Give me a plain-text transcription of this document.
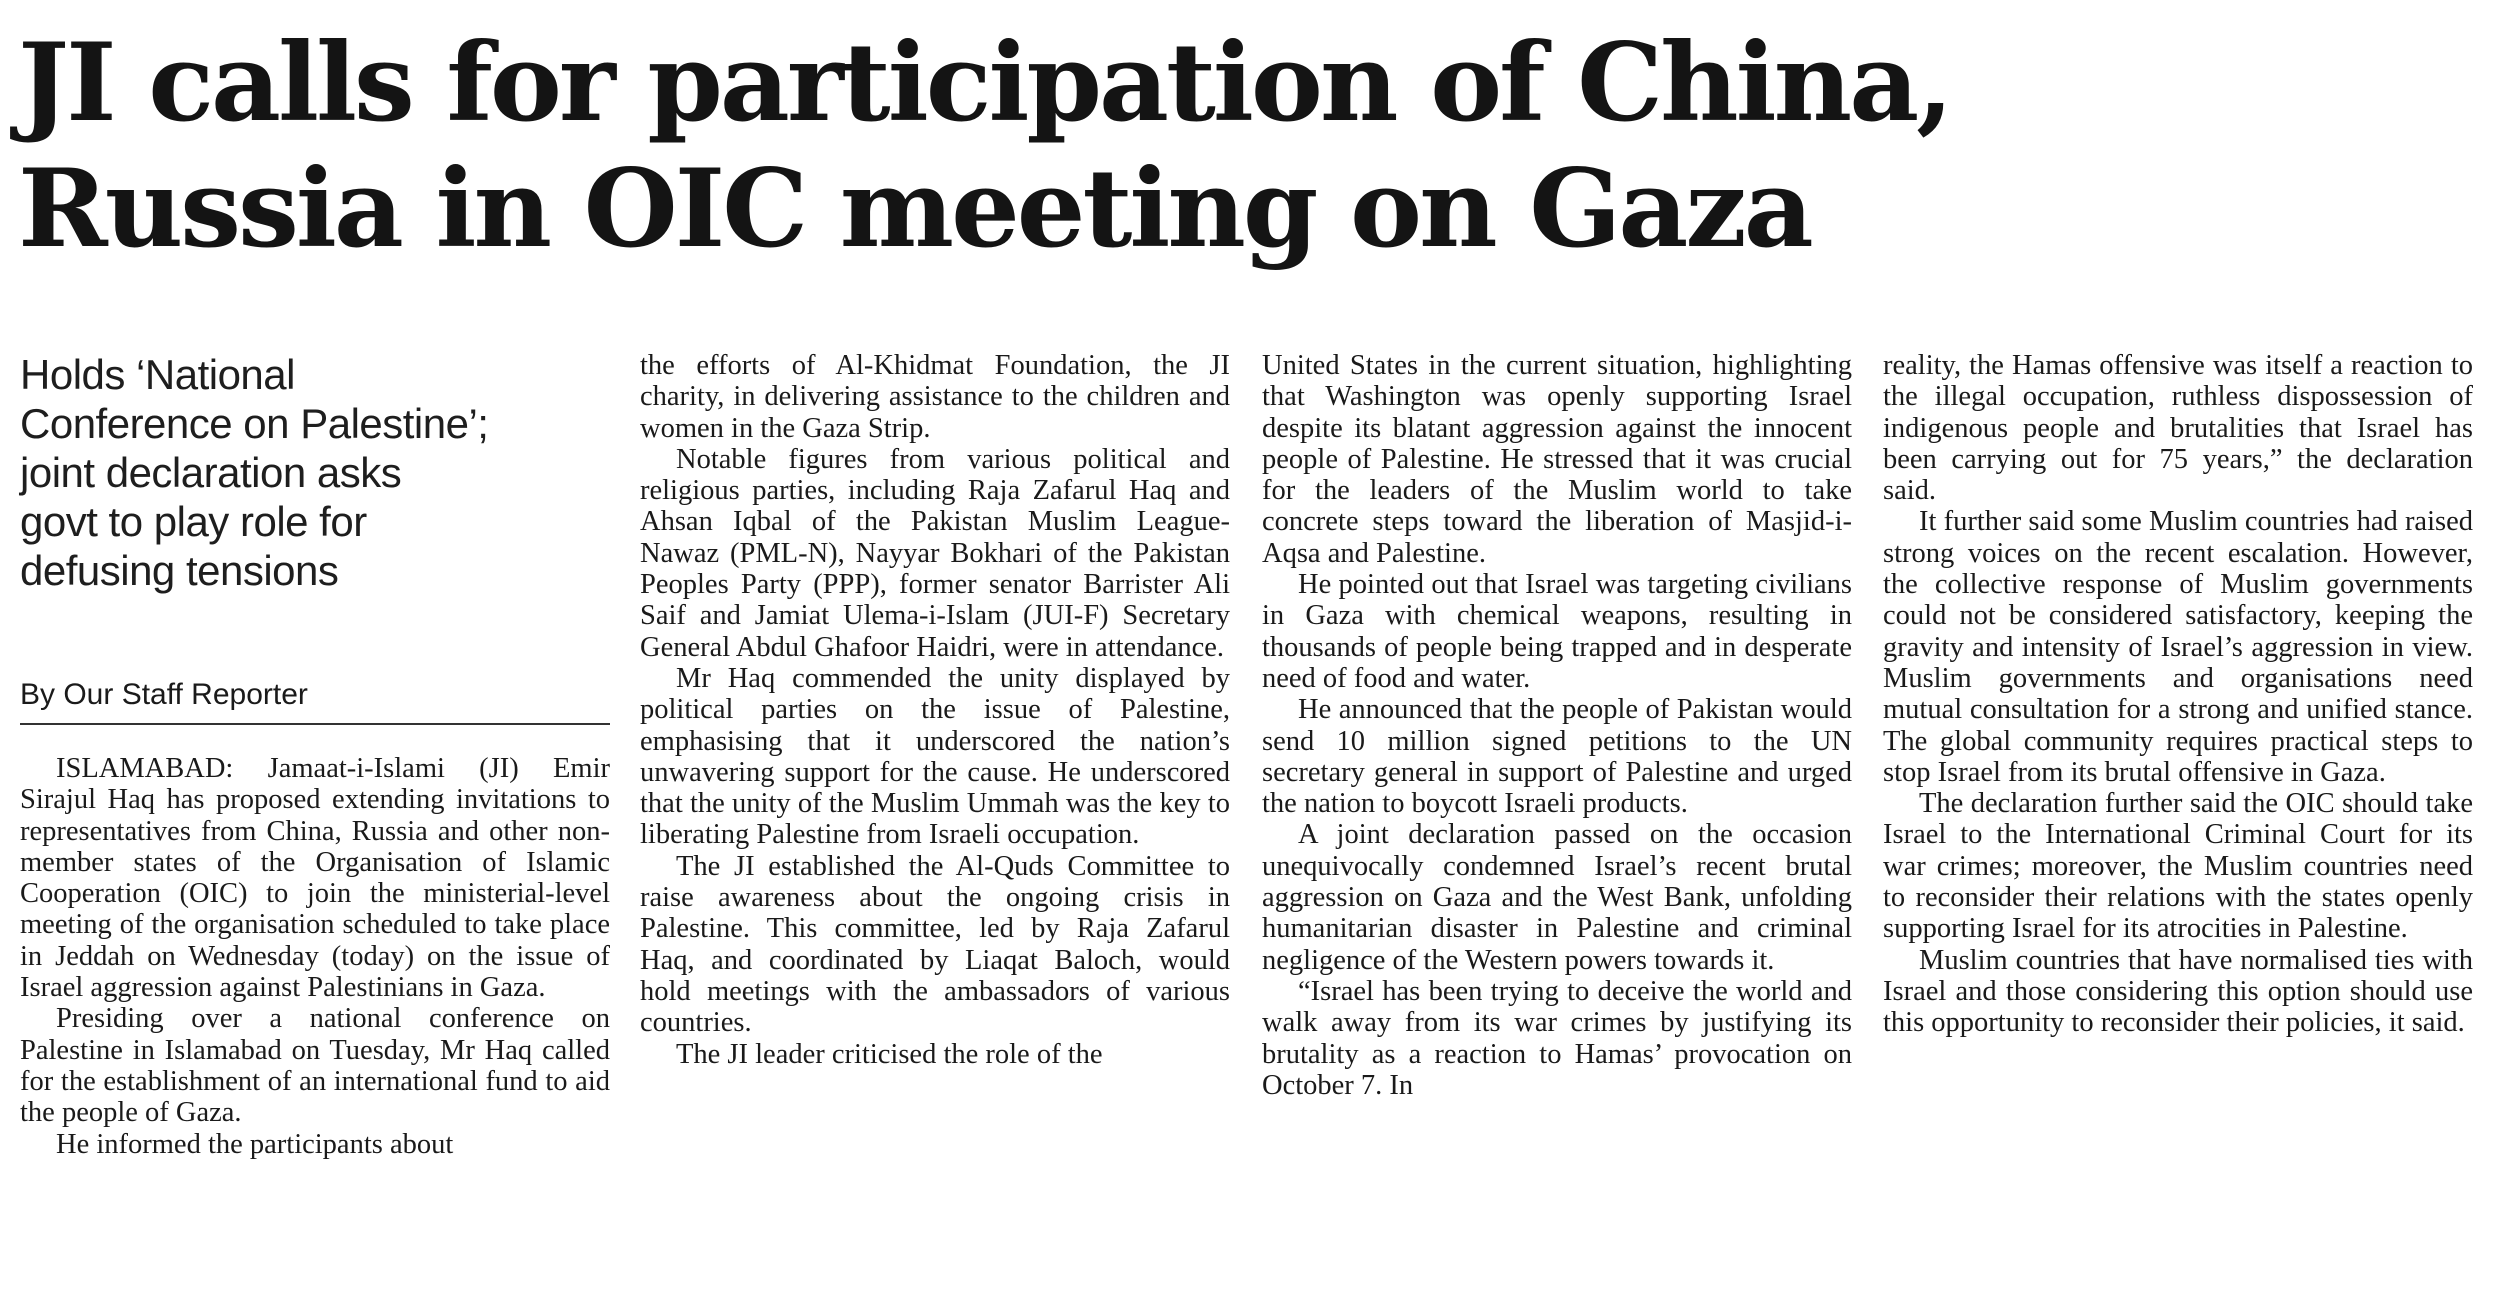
JI calls for participation of China,
Russia in OIC meeting on Gaza
Holds ‘National
Conference on Palestine’;
joint declaration asks
govt to play role for
defusing tensions
By Our Staff Reporter

ISLAMABAD: Jamaat-i-Islami (JI) Emir Sirajul Haq has proposed extending invitations to representatives from China, Russia and other non-member states of the Organisation of Islamic Cooperation (OIC) to join the ministerial-level meeting of the organisation scheduled to take place in Jeddah on Wednesday (today) on the issue of Israel aggression against Palestinians in Gaza.

Presiding over a national conference on Palestine in Islamabad on Tuesday, Mr Haq called for the establishment of an international fund to aid the people of Gaza.

He informed the participants about

the efforts of Al-Khidmat Foundation, the JI charity, in delivering assistance to the children and women in the Gaza Strip.

Notable figures from various political and religious parties, including Raja Zafarul Haq and Ahsan Iqbal of the Pakistan Muslim League-Nawaz (PML-N), Nayyar Bokhari of the Pakistan Peoples Party (PPP), former senator Barrister Ali Saif and Jamiat Ulema-i-Islam (JUI-F) Secretary General Abdul Ghafoor Haidri, were in attendance.

Mr Haq commended the unity displayed by political parties on the issue of Palestine, emphasising that it underscored the nation’s unwavering support for the cause. He underscored that the unity of the Muslim Ummah was the key to liberating Palestine from Israeli occupation.

The JI established the Al-Quds Committee to raise awareness about the ongoing crisis in Palestine. This committee, led by Raja Zafarul Haq, and coordinated by Liaqat Baloch, would hold meetings with the ambassadors of various countries.

The JI leader criticised the role of the

United States in the current situation, highlighting that Washington was openly supporting Israel despite its blatant aggression against the innocent people of Palestine. He stressed that it was crucial for the leaders of the Muslim world to take concrete steps toward the liberation of Masjid-i-Aqsa and Palestine.

He pointed out that Israel was targeting civilians in Gaza with chemical weapons, resulting in thousands of people being trapped and in desperate need of food and water.

He announced that the people of Pakistan would send 10 million signed petitions to the UN secretary general in support of Palestine and urged the nation to boycott Israeli products.

A joint declaration passed on the occasion unequivocally condemned Israel’s recent brutal aggression on Gaza and the West Bank, unfolding humanitarian disaster in Palestine and criminal negligence of the Western powers towards it.

“Israel has been trying to deceive the world and walk away from its war crimes by justifying its brutality as a reaction to Hamas’ provocation on October 7. In

reality, the Hamas offensive was itself a reaction to the illegal occupation, ruthless dispossession of indigenous people and brutalities that Israel has been carrying out for 75 years,” the declaration said.

It further said some Muslim countries had raised strong voices on the recent escalation. However, the collective response of Muslim governments could not be considered satisfactory, keeping the gravity and intensity of Israel’s aggression in view. Muslim governments and organisations need mutual consultation for a strong and unified stance. The global community requires practical steps to stop Israel from its brutal offensive in Gaza.

The declaration further said the OIC should take Israel to the International Criminal Court for its war crimes; moreover, the Muslim countries need to reconsider their relations with the states openly supporting Israel for its atrocities in Palestine.

Muslim countries that have normalised ties with Israel and those considering this option should use this opportunity to reconsider their policies, it said.
